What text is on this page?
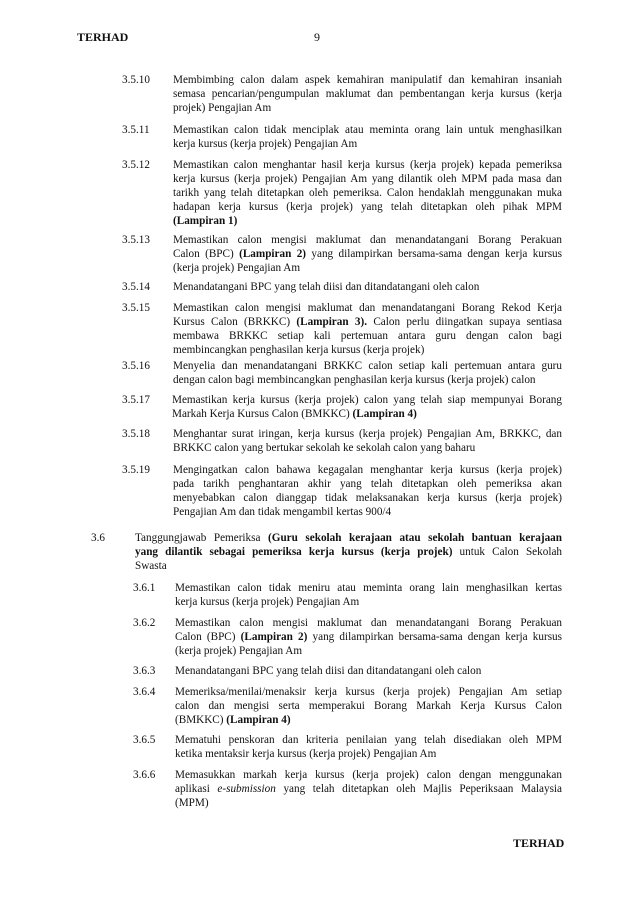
TERHAD	9
3.5.10 Membimbing calon dalam aspek kemahiran manipulatif dan kemahiran insaniah
semasa pencarian/pengumpulan maklumat dan pembentangan kerja kursus (kerja
projek) Pengajian Am
3.5.11 Memastikan calon tidak menciplak atau meminta orang lain untuk menghasilkan
kerja kursus (kerja projek) Pengajian Am
3.5.12 Memastikan calon menghantar hasil kerja kursus (kerja projek) kepada pemeriksa
kerja kursus (kerja projek) Pengajian Am yang dilantik oleh MPM pada masa dan
tarikh yang telah ditetapkan oleh pemeriksa. Calon hendaklah menggunakan muka
hadapan kerja kursus (kerja projek) yang telah ditetapkan oleh pihak MPM
(Lampiran 1)
3.5.13 Memastikan calon mengisi maklumat dan menandatangani Borang Perakuan
Calon (BPC) (Lampiran 2) yang dilampirkan bersama-sama dengan kerja kursus
(kerja projek) Pengajian Am
3.5.14 Menandatangani BPC yang telah diisi dan ditandatangani oleh calon
3.5.15 Memastikan calon mengisi maklumat dan menandatangani Borang Rekod Kerja
Kursus Calon (BRKKC) (Lampiran 3). Calon perlu diingatkan supaya sentiasa
membawa BRKKC setiap kali pertemuan antara guru dengan calon bagi
membincangkan penghasilan kerja kursus (kerja projek)
3.5.16 Menyelia dan menandatangani BRKKC calon setiap kali pertemuan antara guru
dengan calon bagi membincangkan penghasilan kerja kursus (kerja projek) calon
3.5.17 Memastikan kerja kursus (kerja projek) calon yang telah siap mempunyai Borang
Markah Kerja Kursus Calon (BMKKC) (Lampiran 4)
3.5.18 Menghantar surat iringan, kerja kursus (kerja projek) Pengajian Am, BRKKC, dan
BRKKC calon yang bertukar sekolah ke sekolah calon yang baharu
3.5.19 Mengingatkan calon bahawa kegagalan menghantar kerja kursus (kerja projek)
pada tarikh penghantaran akhir yang telah ditetapkan oleh pemeriksa akan
menyebabkan calon dianggap tidak melaksanakan kerja kursus (kerja projek)
Pengajian Am dan tidak mengambil kertas 900/4
3.6	Tanggungjawab Pemeriksa (Guru sekolah kerajaan atau sekolah bantuan kerajaan
yang dilantik sebagai pemeriksa kerja kursus (kerja projek) untuk Calon Sekolah
Swasta
3.6.1 Memastikan calon tidak meniru atau meminta orang lain menghasilkan kertas
kerja kursus (kerja projek) Pengajian Am
3.6.2 Memastikan calon mengisi maklumat dan menandatangani Borang Perakuan
Calon (BPC) (Lampiran 2) yang dilampirkan bersama-sama dengan kerja kursus
(kerja projek) Pengajian Am
3.6.3 Menandatangani BPC yang telah diisi dan ditandatangani oleh calon
3.6.4 Memeriksa/menilai/menaksir kerja kursus (kerja projek) Pengajian Am setiap
calon dan mengisi serta memperakui Borang Markah Kerja Kursus Calon
(BMKKC) (Lampiran 4)
3.6.5 Mematuhi penskoran dan kriteria penilaian yang telah disediakan oleh MPM
ketika mentaksir kerja kursus (kerja projek) Pengajian Am
3.6.6 Memasukkan markah kerja kursus (kerja projek) calon dengan menggunakan
aplikasi e-submission yang telah ditetapkan oleh Majlis Peperiksaan Malaysia
(MPM)
TERHAD
